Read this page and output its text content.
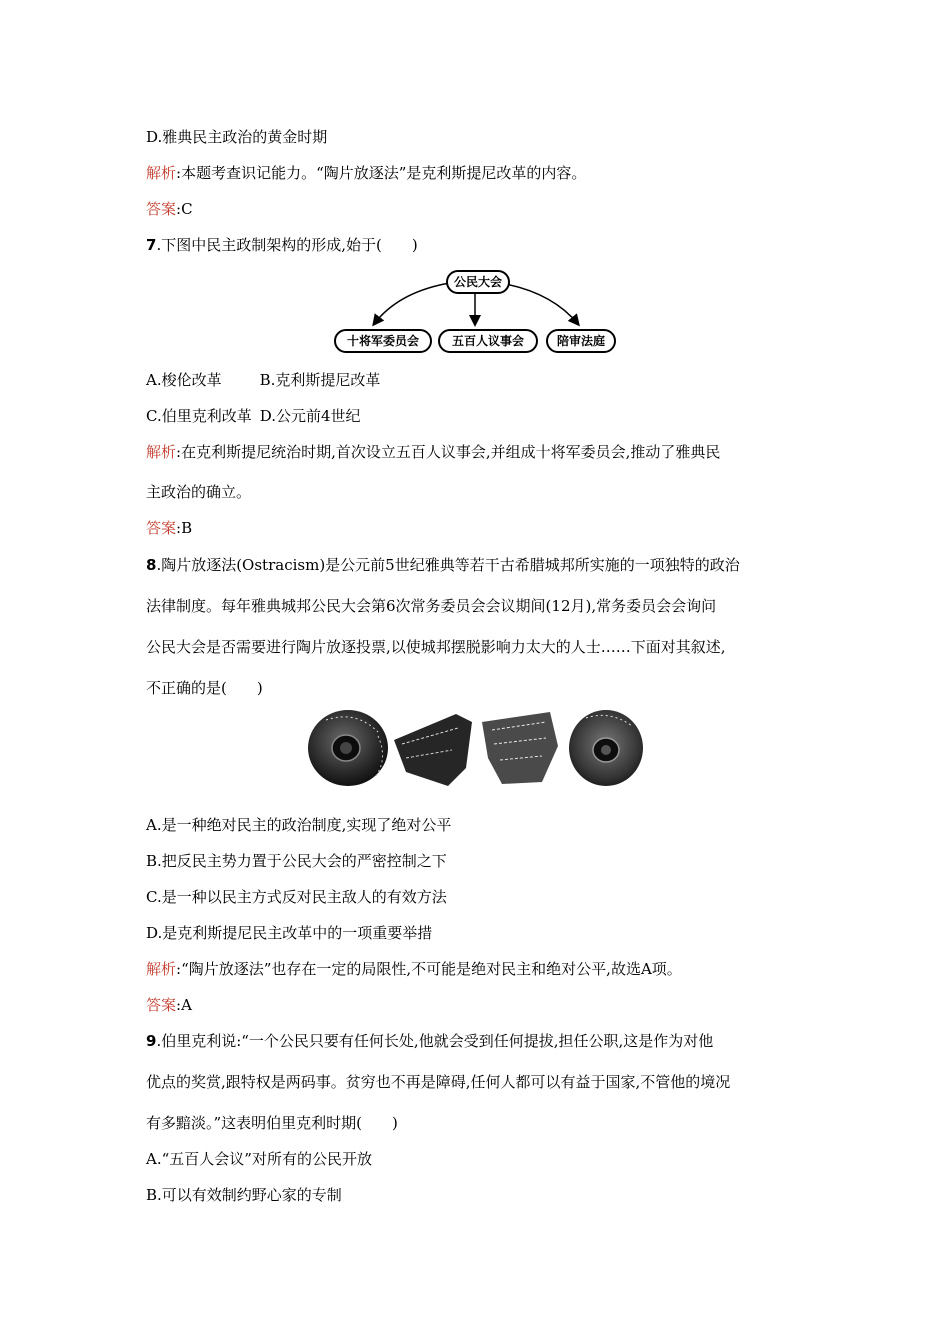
D.雅典民主政治的黄金时期
解析:本题考查识记能力。“陶片放逐法”是克利斯提尼改革的内容。
答案:C
7.下图中民主政制架构的形成,始于(　　)
公民大会
十将军委员会	五百人议事会	陪审法庭
A.梭伦改革	B.克利斯提尼改革
C.伯里克利改革 D.公元前4世纪
解析:在克利斯提尼统治时期,首次设立五百人议事会,并组成十将军委员会,推动了雅典民
主政治的确立。
答案:B
8.陶片放逐法(Ostracism)是公元前5世纪雅典等若干古希腊城邦所实施的一项独特的政治
法律制度。每年雅典城邦公民大会第6次常务委员会会议期间(12月),常务委员会会询问
公民大会是否需要进行陶片放逐投票,以使城邦摆脱影响力太大的人士……下面对其叙述,
不正确的是(　　)
A.是一种绝对民主的政治制度,实现了绝对公平
B.把反民主势力置于公民大会的严密控制之下
C.是一种以民主方式反对民主敌人的有效方法
D.是克利斯提尼民主改革中的一项重要举措
解析:“陶片放逐法”也存在一定的局限性,不可能是绝对民主和绝对公平,故选A项。
答案:A
9.伯里克利说:“一个公民只要有任何长处,他就会受到任何提拔,担任公职,这是作为对他
优点的奖赏,跟特权是两码事。贫穷也不再是障碍,任何人都可以有益于国家,不管他的境况
有多黯淡。”这表明伯里克利时期(　　)
A.“五百人会议”对所有的公民开放
B.可以有效制约野心家的专制
